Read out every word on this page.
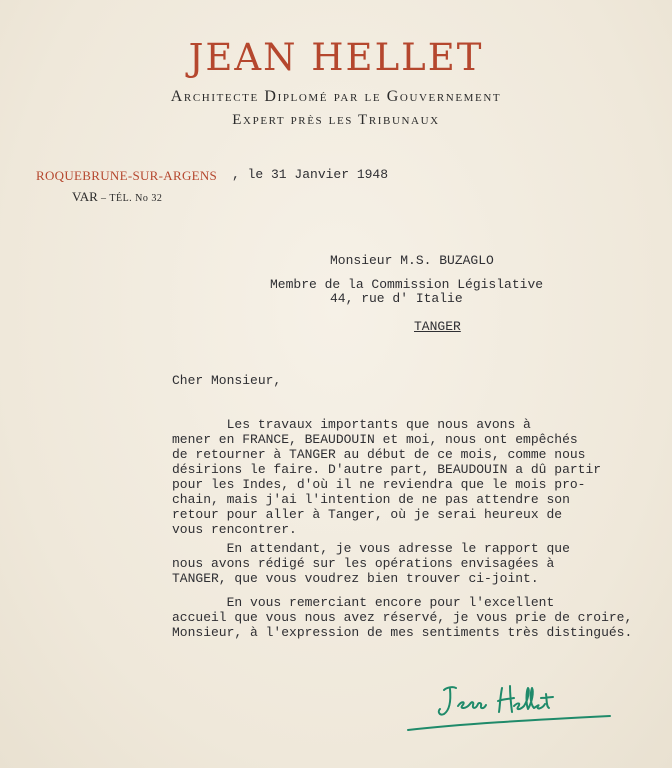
JEAN HELLET
Architecte Diplomé par le Gouvernement
Expert près les Tribunaux
ROQUEBRUNE-SUR-ARGENS
VAR – TÉL. No 32
, le 31 Janvier 1948
Monsieur M.S. BUZAGLO
Membre de la Commission Législative
44, rue d' Italie
TANGER
Cher Monsieur,
Les travaux importants que nous avons à
mener en FRANCE, BEAUDOUIN et moi, nous ont empêchés
de retourner à TANGER au début de ce mois, comme nous
désirions le faire. D'autre part, BEAUDOUIN a dû partir
pour les Indes, d'où il ne reviendra que le mois pro-
chain, mais j'ai l'intention de ne pas attendre son
retour pour aller à Tanger, où je serai heureux de
vous rencontrer.
En attendant, je vous adresse le rapport que
nous avons rédigé sur les opérations envisagées à
TANGER, que vous voudrez bien trouver ci-joint.
En vous remerciant encore pour l'excellent
accueil que vous nous avez réservé, je vous prie de croire,
Monsieur, à l'expression de mes sentiments très distingués.
